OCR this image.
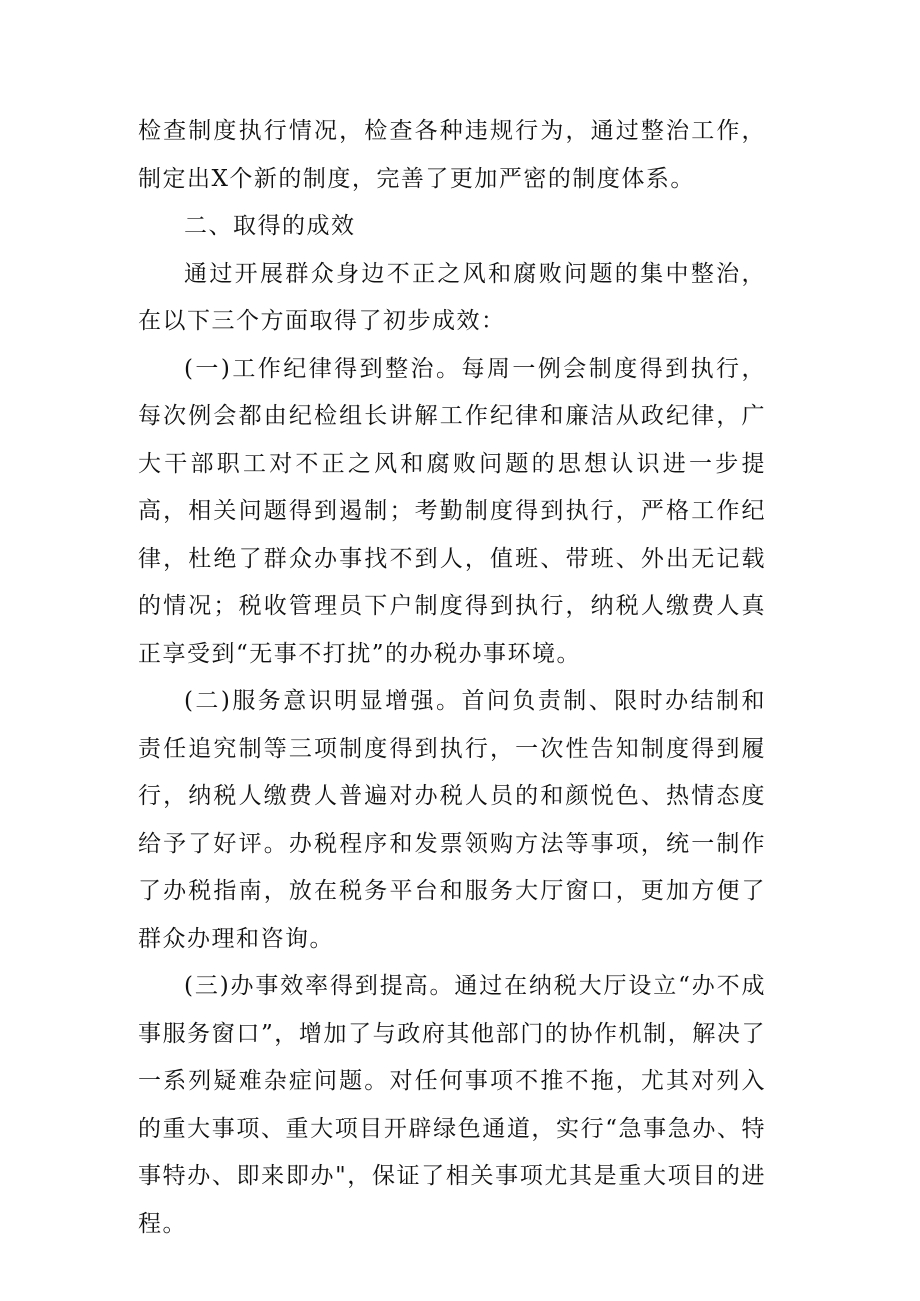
检查制度执行情况，检查各种违规行为，通过整治工作，制定出X个新的制度，完善了更加严密的制度体系。

二、取得的成效

通过开展群众身边不正之风和腐败问题的集中整治，在以下三个方面取得了初步成效：

(一)工作纪律得到整治。每周一例会制度得到执行，每次例会都由纪检组长讲解工作纪律和廉洁从政纪律，广大干部职工对不正之风和腐败问题的思想认识进一步提高，相关问题得到遏制；考勤制度得到执行，严格工作纪律，杜绝了群众办事找不到人，值班、带班、外出无记载的情况；税收管理员下户制度得到执行，纳税人缴费人真正享受到“无事不打扰”的办税办事环境。

(二)服务意识明显增强。首问负责制、限时办结制和责任追究制等三项制度得到执行，一次性告知制度得到履行，纳税人缴费人普遍对办税人员的和颜悦色、热情态度给予了好评。办税程序和发票领购方法等事项，统一制作了办税指南，放在税务平台和服务大厅窗口，更加方便了群众办理和咨询。

(三)办事效率得到提高。通过在纳税大厅设立“办不成事服务窗口”，增加了与政府其他部门的协作机制，解决了一系列疑难杂症问题。对任何事项不推不拖，尤其对列入的重大事项、重大项目开辟绿色通道，实行“急事急办、特事特办、即来即办"，保证了相关事项尤其是重大项目的进程。
